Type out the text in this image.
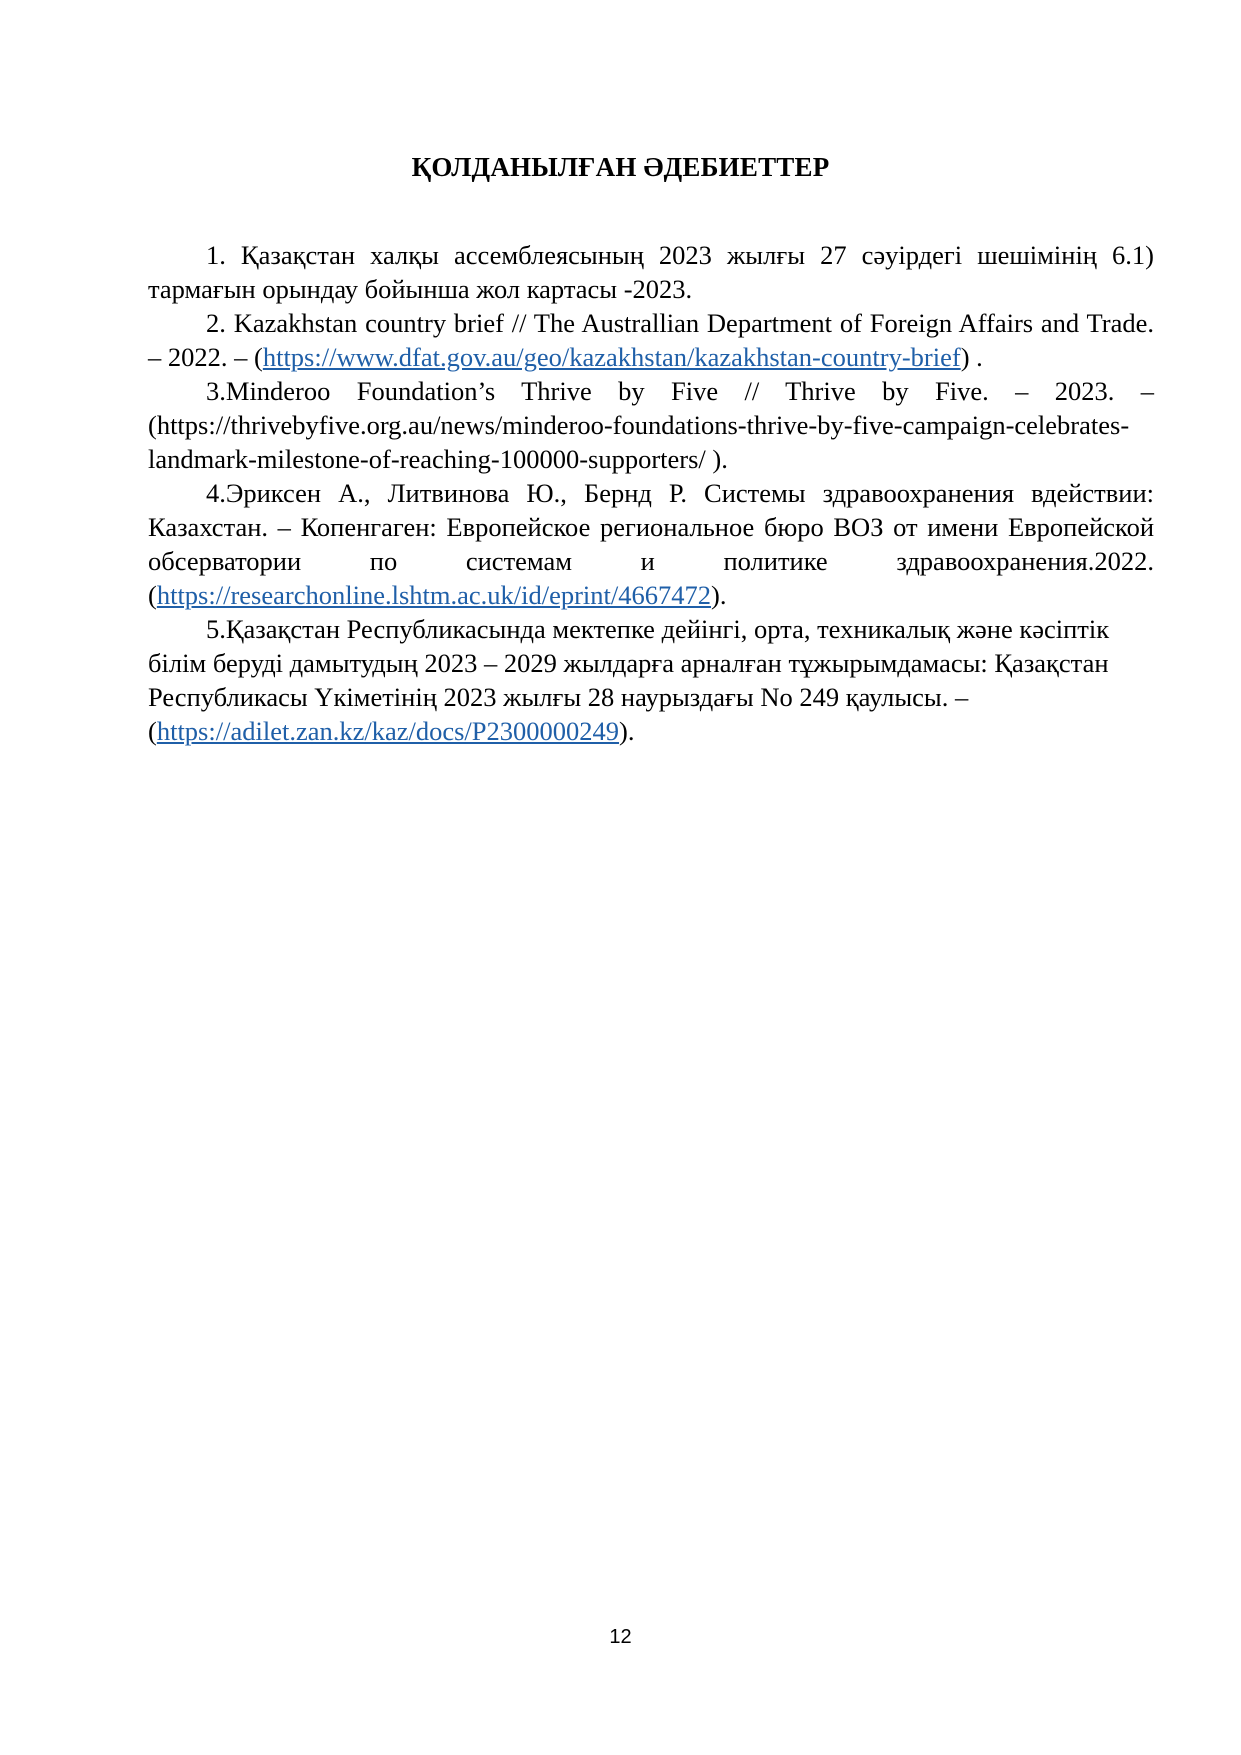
ҚОЛДАНЫЛҒАН ӘДЕБИЕТТЕР

1. Қазақстан халқы ассемблеясының 2023 жылғы 27 сәуірдегі шешімінің 6.1) тармағын орындау бойынша жол картасы -2023.

2. Kazakhstan country brief // The Australlian Department of Foreign Affairs and Trade. – 2022. – (https://www.dfat.gov.au/geo/kazakhstan/kazakhstan-country-brief) .

3.Minderoo Foundation’s Thrive by Five // Thrive by Five. – 2023. – (https://thrivebyfive.org.au/news/minderoo-foundations-thrive-by-five-campaign-celebrates-landmark-milestone-of-reaching-100000-supporters/ ).

4.Эриксен А., Литвинова Ю., Бернд Р. Системы здравоохранения вдействии: Казахстан. – Копенгаген: Европейское региональное бюро ВОЗ от имени Европейской обсерватории по системам и политике здравоохранения.2022.(https://researchonline.lshtm.ac.uk/id/eprint/4667472).

5.Қазақстан Республикасында мектепке дейінгі, орта, техникалық және кәсіптік білім беруді дамытудың 2023 – 2029 жылдарға арналған тұжырымдамасы: Қазақстан Республикасы Үкіметінің 2023 жылғы 28 наурыздағы No 249 қаулысы. – (https://adilet.zan.kz/kaz/docs/P2300000249).

12
